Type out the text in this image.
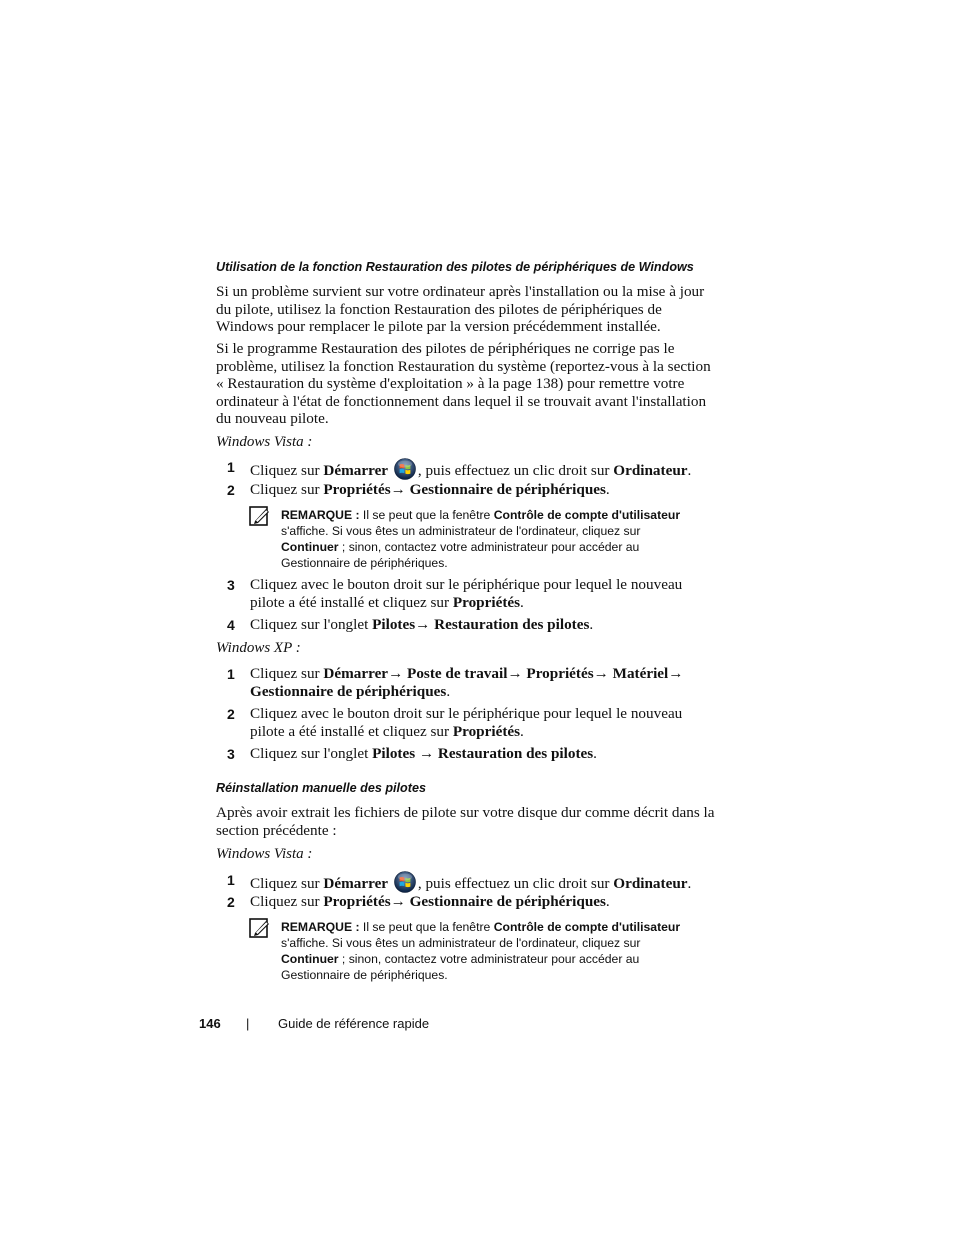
Utilisation de la fonction Restauration des pilotes de périphériques de Windows
Si un problème survient sur votre ordinateur après l'installation ou la mise à jour du pilote, utilisez la fonction Restauration des pilotes de périphériques de Windows pour remplacer le pilote par la version précédemment installée.
Si le programme Restauration des pilotes de périphériques ne corrige pas le problème, utilisez la fonction Restauration du système (reportez-vous à la section « Restauration du système d'exploitation » à la page 138) pour remettre votre ordinateur à l'état de fonctionnement dans lequel il se trouvait avant l'installation du nouveau pilote.
Windows Vista :
1 Cliquez sur Démarrer , puis effectuez un clic droit sur Ordinateur.
2 Cliquez sur Propriétés→ Gestionnaire de périphériques.
REMARQUE : Il se peut que la fenêtre Contrôle de compte d'utilisateur s'affiche. Si vous êtes un administrateur de l'ordinateur, cliquez sur Continuer ; sinon, contactez votre administrateur pour accéder au Gestionnaire de périphériques.
3 Cliquez avec le bouton droit sur le périphérique pour lequel le nouveau
pilote a été installé et cliquez sur Propriétés.
4 Cliquez sur l'onglet Pilotes→ Restauration des pilotes.
Windows XP :
1 Cliquez sur Démarrer→ Poste de travail→ Propriétés→ Matériel→
Gestionnaire de périphériques.
2 Cliquez avec le bouton droit sur le périphérique pour lequel le nouveau
pilote a été installé et cliquez sur Propriétés.
3 Cliquez sur l'onglet Pilotes → Restauration des pilotes.
Réinstallation manuelle des pilotes
Après avoir extrait les fichiers de pilote sur votre disque dur comme décrit dans la section précédente :
Windows Vista :
1 Cliquez sur Démarrer , puis effectuez un clic droit sur Ordinateur.
2 Cliquez sur Propriétés→ Gestionnaire de périphériques.
REMARQUE : Il se peut que la fenêtre Contrôle de compte d'utilisateur s'affiche. Si vous êtes un administrateur de l'ordinateur, cliquez sur Continuer ; sinon, contactez votre administrateur pour accéder au Gestionnaire de périphériques.
146 | Guide de référence rapide
